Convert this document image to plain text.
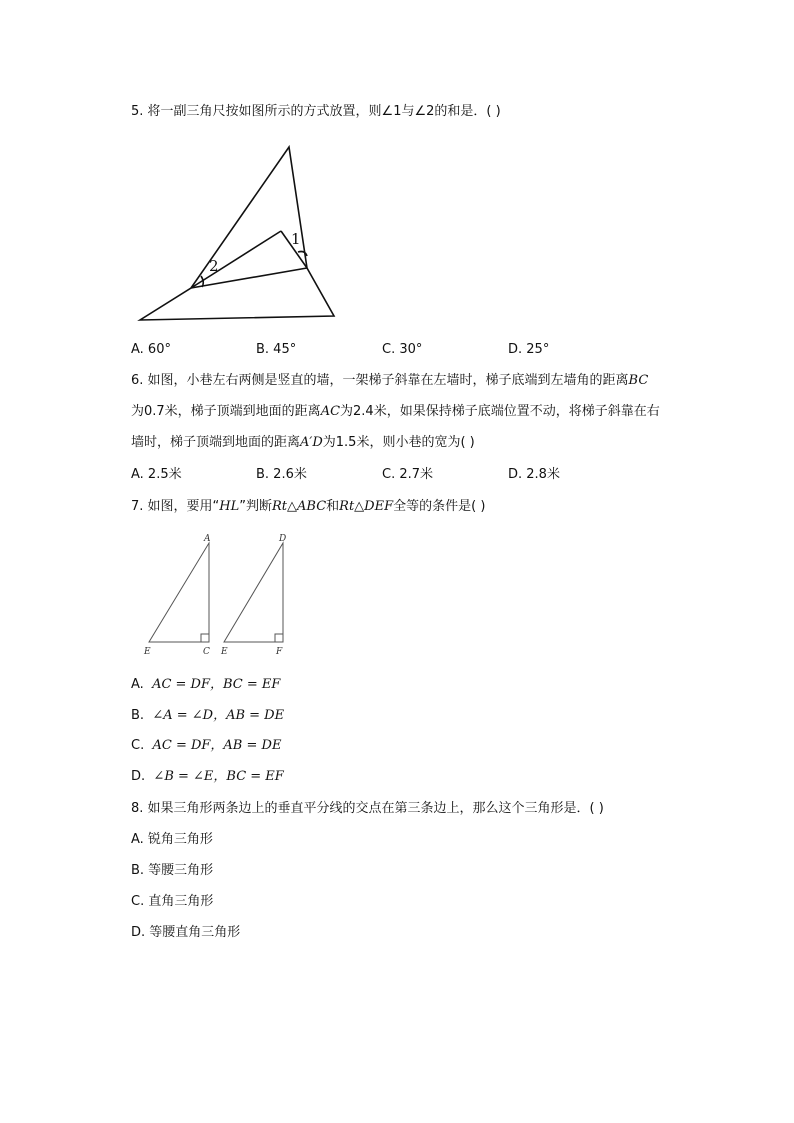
5. 将一副三角尺按如图所示的方式放置，则∠1与∠2的和是．( )
2
1
A. 60°	B. 45°	C. 30°	D. 25°
6. 如图，小巷左右两侧是竖直的墙，一架梯子斜靠在左墙时，梯子底端到左墙角的距离BC
为0.7米，梯子顶端到地面的距离AC为2.4米，如果保持梯子底端位置不动，将梯子斜靠在右
墙时，梯子顶端到地面的距离A′D为1.5米，则小巷的宽为( )
A. 2.5米	B. 2.6米	C. 2.7米	D. 2.8米
7. 如图，要用“HL”判断Rt△ABC和Rt△DEF全等的条件是( )
A
E	C
D
E	F
A. AC = DF，BC = EF
B. ∠A = ∠D，AB = DE
C. AC = DF，AB = DE
D. ∠B = ∠E，BC = EF
8. 如果三角形两条边上的垂直平分线的交点在第三条边上，那么这个三角形是．( )
A. 锐角三角形
B. 等腰三角形
C. 直角三角形
D. 等腰直角三角形
